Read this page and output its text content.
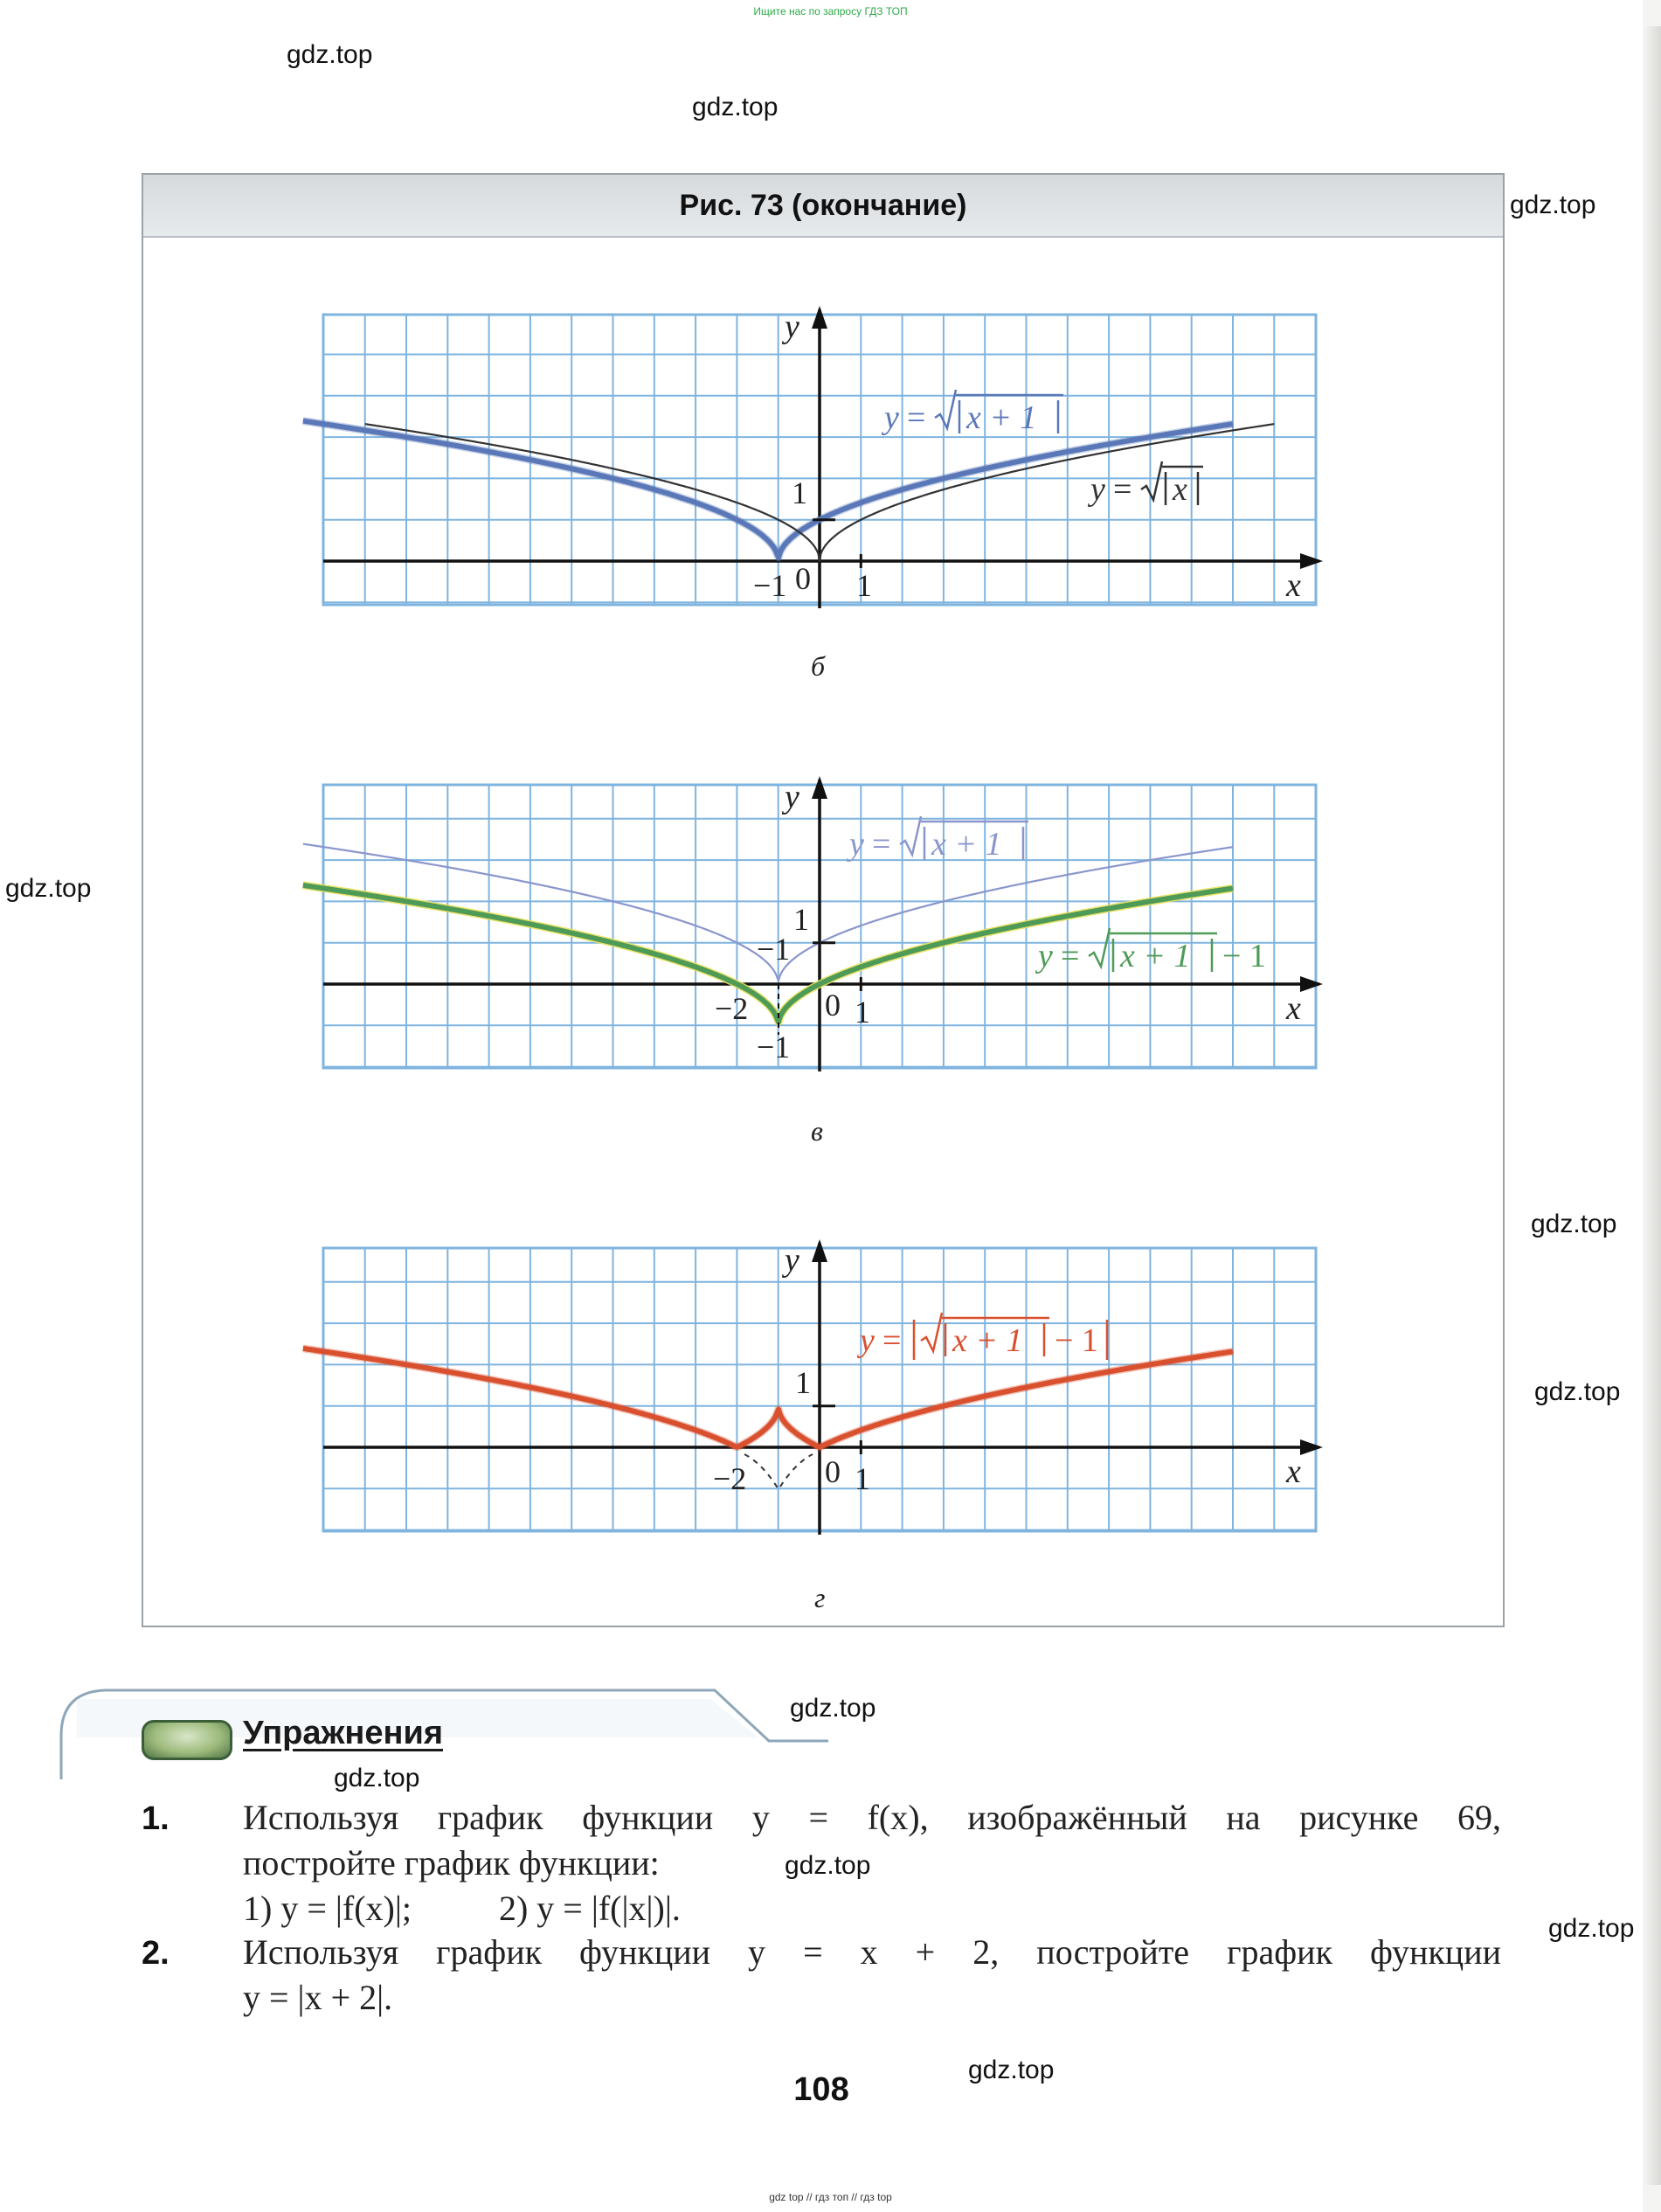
Ищите нас по запросу ГДЗ ТОП
gdz.top
gdz.top
gdz.top
gdz.top
gdz.top
gdz.top
gdz.top
gdz.top
gdz.top
gdz.top
gdz.top
Рис. 73 (окончание)
x
y
−1 0 1
1
y = x + 1
y = x
б
x
y
−2 0 1
1
−1
−1
y = x + 1
y = x + 1 − 1
в
x
y
−2 0 1
1
y = x + 1 − 1
г
Упражнения
1. Используя график функции y = f(x), изображённый на рисунке 69,
постройте график функции:
1) y = |f(x)|;          2) y = |f(|x|)|.
2. Используя график функции y = x + 2, постройте график функции
y = |x + 2|.
108
gdz top // гдз топ // гдз top
